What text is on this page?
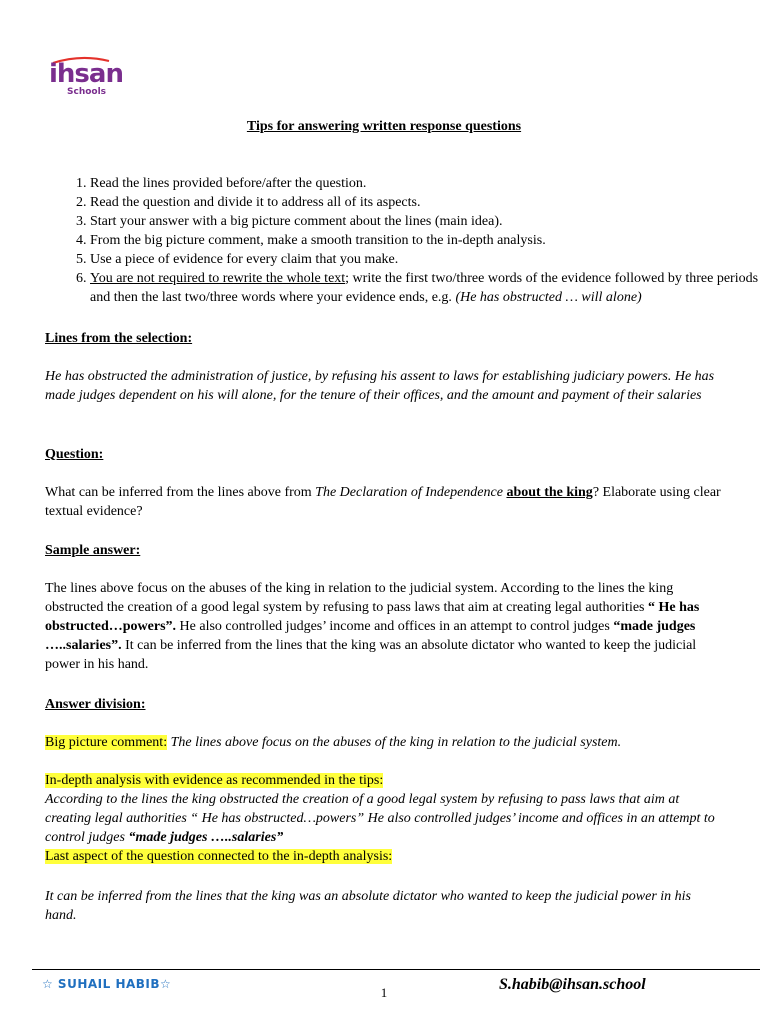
ihsan
Schools
Tips for answering written response questions
1. Read the lines provided before/after the question.
2. Read the question and divide it to address all of its aspects.
3. Start your answer with a big picture comment about the lines (main idea).
4. From the big picture comment, make a smooth transition to the in-depth analysis.
5. Use a piece of evidence for every claim that you make.
6. You are not required to rewrite the whole text; write the first two/three words of the evidence followed by three periods and then the last two/three words where your evidence ends, e.g. (He has obstructed … will alone)
Lines from the selection:
He has obstructed the administration of justice, by refusing his assent to laws for establishing judiciary powers. He has made judges dependent on his will alone, for the tenure of their offices, and the amount and payment of their salaries
Question:
What can be inferred from the lines above from The Declaration of Independence about the king? Elaborate using clear textual evidence?
Sample answer:
The lines above focus on the abuses of the king in relation to the judicial system. According to the lines the king obstructed the creation of a good legal system by refusing to pass laws that aim at creating legal authorities “ He has obstructed…powers”. He also controlled judges’ income and offices in an attempt to control judges “made judges …..salaries”. It can be inferred from the lines that the king was an absolute dictator who wanted to keep the judicial power in his hand.
Answer division:
Big picture comment: The lines above focus on the abuses of the king in relation to the judicial system.
In-depth analysis with evidence as recommended in the tips:
According to the lines the king obstructed the creation of a good legal system by refusing to pass laws that aim at creating legal authorities “ He has obstructed…powers” He also controlled judges’ income and offices in an attempt to control judges “made judges …..salaries”
Last aspect of the question connected to the in-depth analysis:
It can be inferred from the lines that the king was an absolute dictator who wanted to keep the judicial power in his hand.
☆ SUHAIL HABIB☆
1	S.habib@ihsan.school
